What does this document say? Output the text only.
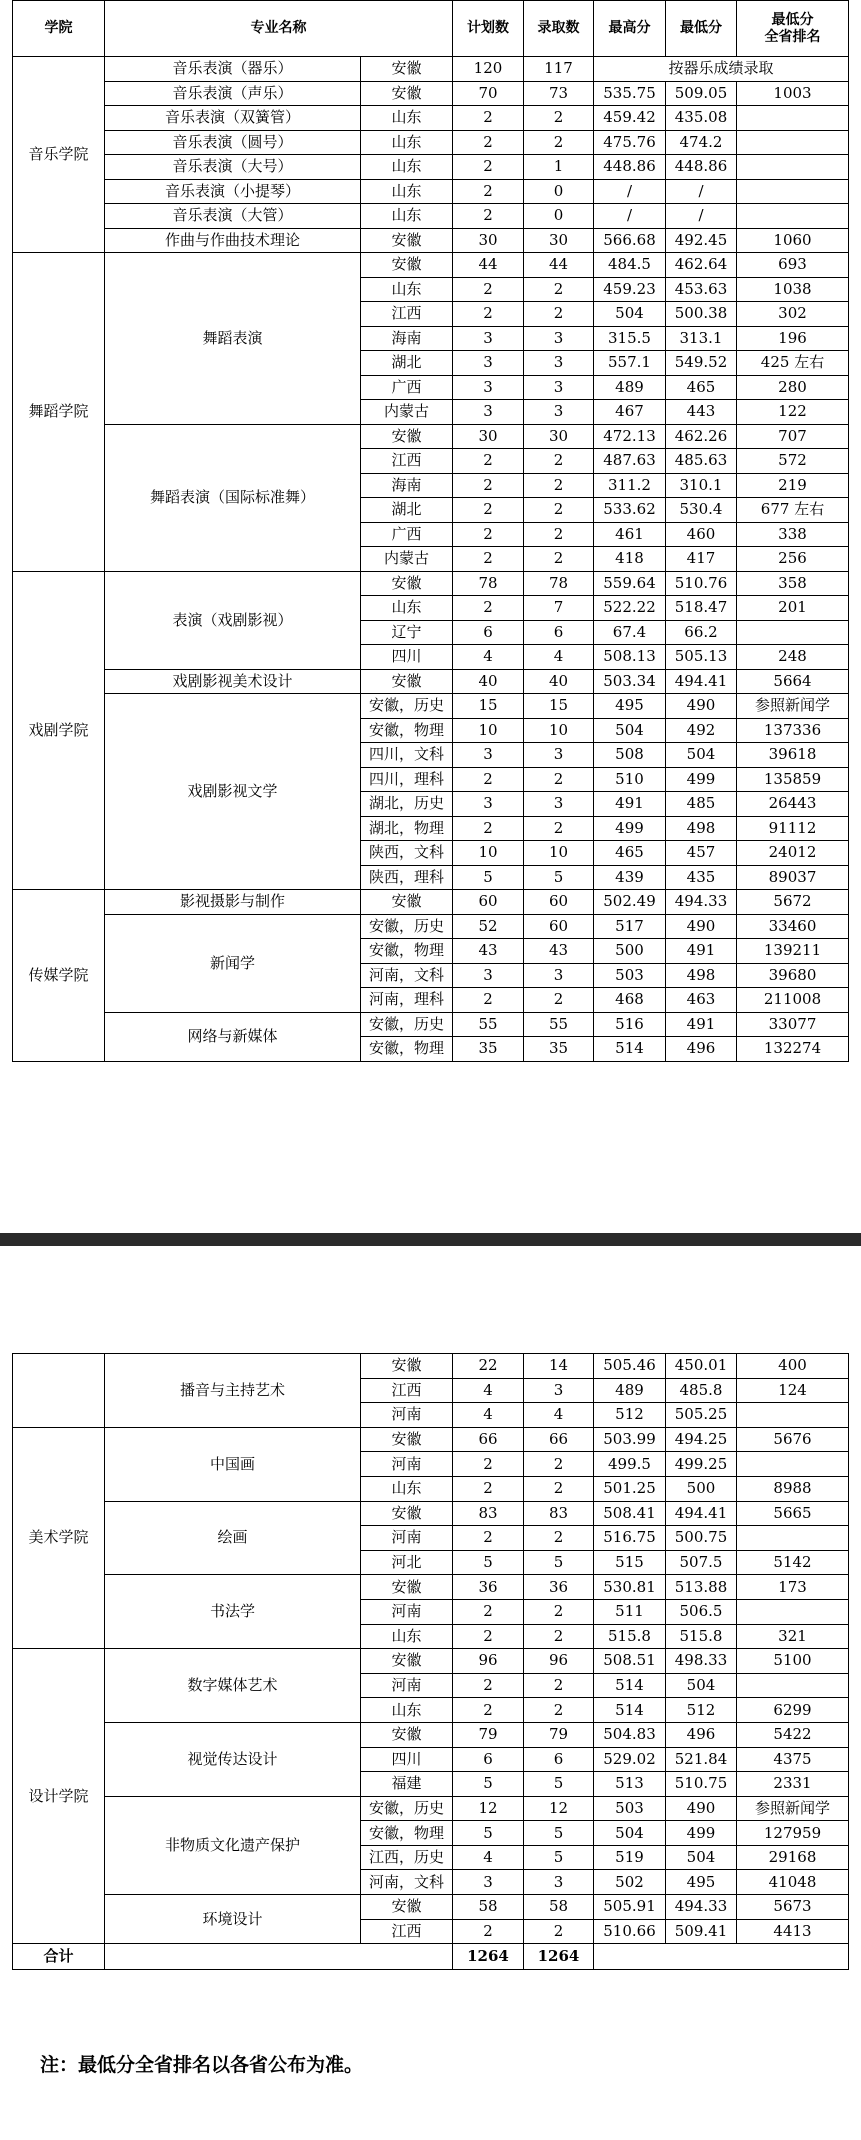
学院	专业名称		计划数	录取数	最高分	最低分	最低分
全省排名
音乐学院	音乐表演（器乐）	安徽	120	117	按器乐成绩录取		
	音乐表演（声乐）	安徽	70	73	535.75	509.05	1003
	音乐表演（双簧管）	山东	2	2	459.42	435.08	
	音乐表演（圆号）	山东	2	2	475.76	474.2	
	音乐表演（大号）	山东	2	1	448.86	448.86	
	音乐表演（小提琴）	山东	2	0	/	/	
	音乐表演（大管）	山东	2	0	/	/	
	作曲与作曲技术理论	安徽	30	30	566.68	492.45	1060
舞蹈学院	舞蹈表演	安徽	44	44	484.5	462.64	693
		山东	2	2	459.23	453.63	1038
		江西	2	2	504	500.38	302
		海南	3	3	315.5	313.1	196
		湖北	3	3	557.1	549.52	425 左右
		广西	3	3	489	465	280
		内蒙古	3	3	467	443	122
	舞蹈表演（国际标准舞）	安徽	30	30	472.13	462.26	707
		江西	2	2	487.63	485.63	572
		海南	2	2	311.2	310.1	219
		湖北	2	2	533.62	530.4	677 左右
		广西	2	2	461	460	338
		内蒙古	2	2	418	417	256
戏剧学院	表演（戏剧影视）	安徽	78	78	559.64	510.76	358
		山东	2	7	522.22	518.47	201
		辽宁	6	6	67.4	66.2	
		四川	4	4	508.13	505.13	248
	戏剧影视美术设计	安徽	40	40	503.34	494.41	5664
	戏剧影视文学	安徽，历史	15	15	495	490	参照新闻学
		安徽，物理	10	10	504	492	137336
		四川，文科	3	3	508	504	39618
		四川，理科	2	2	510	499	135859
		湖北，历史	3	3	491	485	26443
		湖北，物理	2	2	499	498	91112
		陕西，文科	10	10	465	457	24012
		陕西，理科	5	5	439	435	89037
传媒学院	影视摄影与制作	安徽	60	60	502.49	494.33	5672
	新闻学	安徽，历史	52	60	517	490	33460
		安徽，物理	43	43	500	491	139211
		河南，文科	3	3	503	498	39680
		河南，理科	2	2	468	463	211008
	网络与新媒体	安徽，历史	55	55	516	491	33077
		安徽，物理	35	35	514	496	132274
	播音与主持艺术	安徽	22	14	505.46	450.01	400
		江西	4	3	489	485.8	124
		河南	4	4	512	505.25	
美术学院	中国画	安徽	66	66	503.99	494.25	5676
		河南	2	2	499.5	499.25	
		山东	2	2	501.25	500	8988
	绘画	安徽	83	83	508.41	494.41	5665
		河南	2	2	516.75	500.75	
		河北	5	5	515	507.5	5142
	书法学	安徽	36	36	530.81	513.88	173
		河南	2	2	511	506.5	
		山东	2	2	515.8	515.8	321
设计学院	数字媒体艺术	安徽	96	96	508.51	498.33	5100
		河南	2	2	514	504	
		山东	2	2	514	512	6299
	视觉传达设计	安徽	79	79	504.83	496	5422
		四川	6	6	529.02	521.84	4375
		福建	5	5	513	510.75	2331
	非物质文化遗产保护	安徽，历史	12	12	503	490	参照新闻学
		安徽，物理	5	5	504	499	127959
		江西，历史	4	5	519	504	29168
		河南，文科	3	3	502	495	41048
	环境设计	安徽	58	58	505.91	494.33	5673
		江西	2	2	510.66	509.41	4413
合计			1264	1264			
注：最低分全省排名以各省公布为准。
